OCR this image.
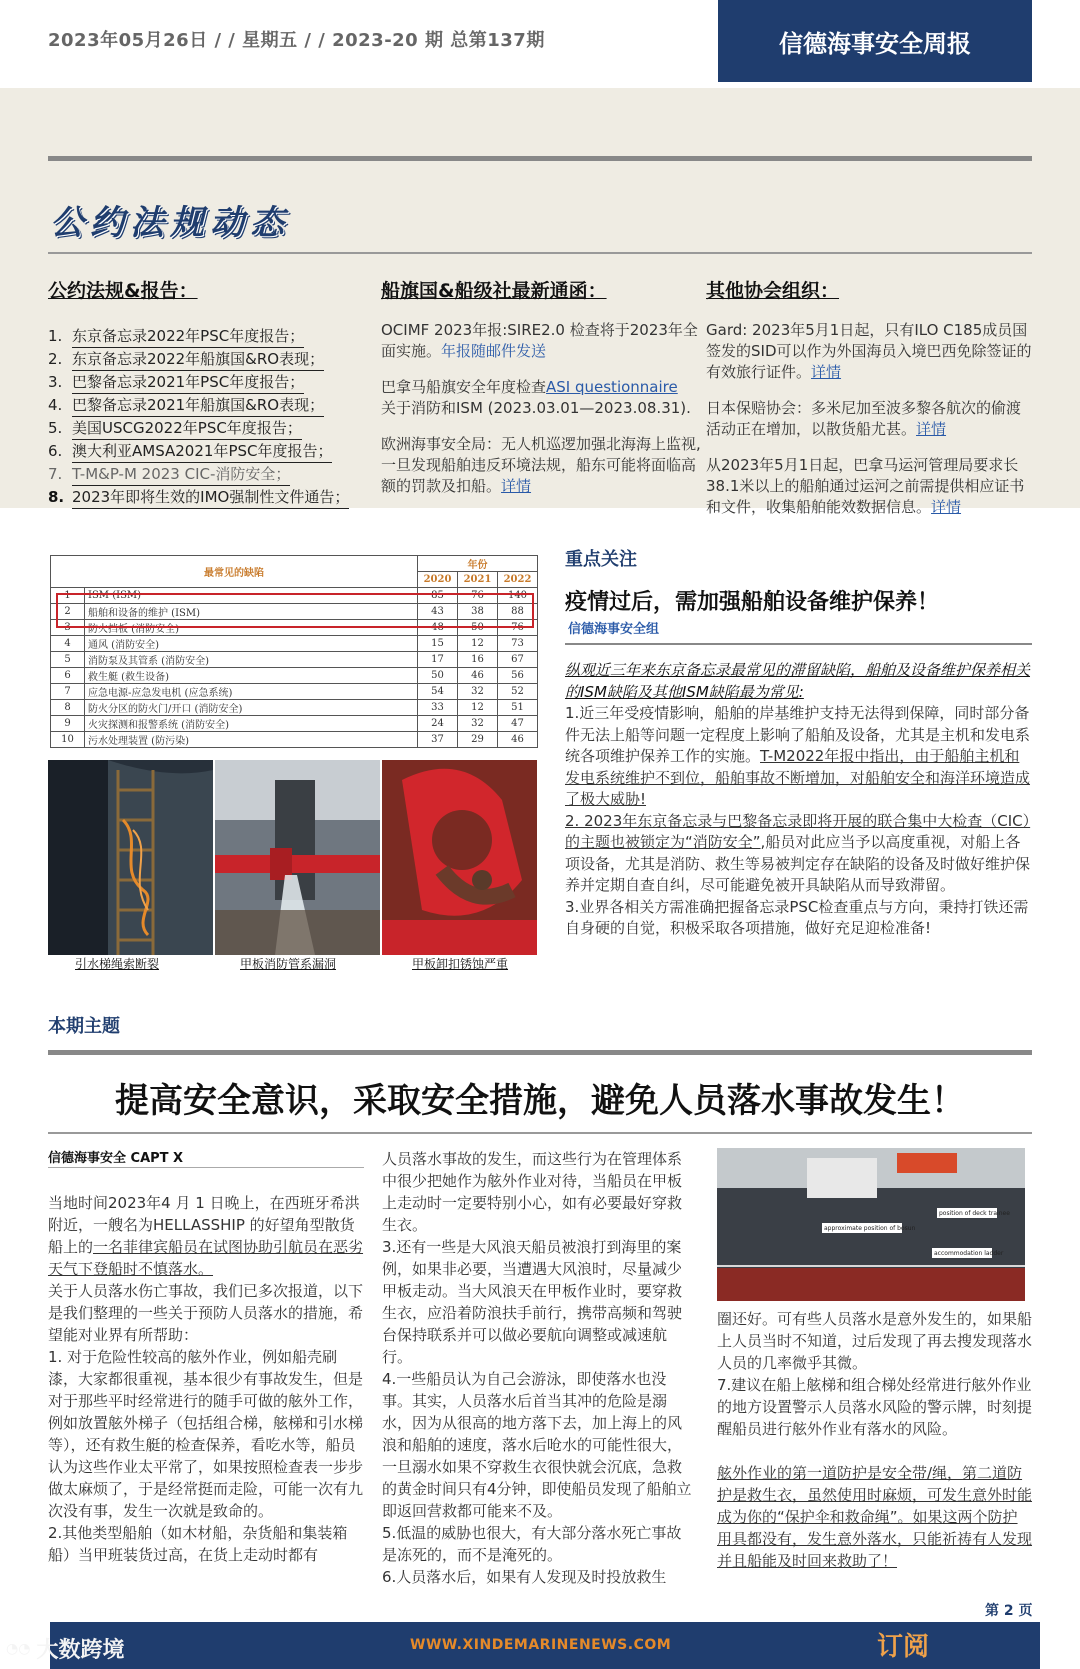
2023年05月26日 / / 星期五 / / 2023-20 期 总第137期	信德海事安全周报
公约法规动态
公约法规&报告：
1. 东京备忘录2022年PSC年度报告；
2. 东京备忘录2022年船旗国&RO表现；
3. 巴黎备忘录2021年PSC年度报告；
4. 巴黎备忘录2021年船旗国&RO表现；
5. 美国USCG2022年PSC年度报告；
6. 澳大利亚AMSA2021年PSC年度报告；
7. T-M&P-M 2023 CIC-消防安全；
8. 2023年即将生效的IMO强制性文件通告；
船旗国&船级社最新通函：

OCIMF 2023年报:SIRE2.0 检查将于2023年全面实施。年报随邮件发送

巴拿马船旗安全年度检查ASI questionnaire
关于消防和ISM (2023.03.01—2023.08.31).

欧洲海事安全局：无人机巡逻加强北海海上监视,一旦发现船舶违反环境法规，船东可能将面临高额的罚款及扣船。详情

其他协会组织：

Gard: 2023年5月1日起，只有ILO C185成员国签发的SID可以作为外国海员入境巴西免除签证的有效旅行证件。详情

日本保赔协会：多米尼加至波多黎各航次的偷渡活动正在增加，以散货船尤甚。详情

从2023年5月1日起，巴拿马运河管理局要求长38.1米以上的船舶通过运河之前需提供相应证书和文件，收集船舶能效数据信息。详情

最常见的缺陷		年份		
		2020	2021	2022
1	ISM (ISM)	85	76	140
2	船舶和设备的维护 (ISM)	43	38	88
3	防火挡板 (消防安全)	48	50	76
4	通风 (消防安全)	15	12	73
5	消防泵及其管系 (消防安全)	17	16	67
6	救生艇 (救生设备)	50	46	56
7	应急电源-应急发电机 (应急系统)	54	32	52
8	防火分区的防火门/开口 (消防安全)	33	12	51
9	火灾探测和报警系统 (消防安全)	24	32	47
10	污水处理装置 (防污染)	37	29	46
引水梯绳索断裂	甲板消防管系漏洞	甲板卸扣锈蚀严重
重点关注
疫情过后，需加强船舶设备维护保养！
信德海事安全组

纵观近三年来东京备忘录最常见的滞留缺陷，船舶及设备维护保养相关的ISM缺陷及其他ISM缺陷最为常见:

1.近三年受疫情影响，船舶的岸基维护支持无法得到保障，同时部分备件无法上船等问题一定程度上影响了船舶及设备，尤其是主机和发电系统各项维护保养工作的实施。T-M2022年报中指出，由于船舶主机和发电系统维护不到位，船舶事故不断增加，对船舶安全和海洋环境造成了极大威胁!

2. 2023年东京备忘录与巴黎备忘录即将开展的联合集中大检查（CIC）的主题也被锁定为“消防安全”,船员对此应当予以高度重视，对船上各项设备，尤其是消防、救生等易被判定存在缺陷的设备及时做好维护保养并定期自查自纠，尽可能避免被开具缺陷从而导致滞留。

3.业界各相关方需准确把握备忘录PSC检查重点与方向，秉持打铁还需自身硬的自觉，积极采取各项措施，做好充足迎检准备!

本期主题
提高安全意识，采取安全措施，避免人员落水事故发生！
信德海事安全 CAPT X

当地时间2023年4 月 1 日晚上，在西班牙希洪附近，一艘名为HELLASSHIP 的好望角型散货船上的一名菲律宾船员在试图协助引航员在恶劣天气下登船时不慎落水。

关于人员落水伤亡事故，我们已多次报道，以下是我们整理的一些关于预防人员落水的措施，希望能对业界有所帮助：

1. 对于危险性较高的舷外作业，例如船壳刷漆，大家都很重视，基本很少有事故发生，但是对于那些平时经常进行的随手可做的舷外工作，例如放置舷外梯子（包括组合梯，舷梯和引水梯等），还有救生艇的检查保养，看吃水等，船员认为这些作业太平常了，如果按照检查表一步步做太麻烦了，于是经常挺而走险，可能一次有九次没有事，发生一次就是致命的。

2.其他类型船舶（如木材船，杂货船和集装箱船）当甲班装货过高，在货上走动时都有

人员落水事故的发生，而这些行为在管理体系中很少把她作为舷外作业对待，当船员在甲板上走动时一定要特别小心，如有必要最好穿救生衣。

3.还有一些是大风浪天船员被浪打到海里的案例，如果非必要，当遭遇大风浪时，尽量减少甲板走动。当大风浪天在甲板作业时，要穿救生衣，应沿着防浪扶手前行，携带高频和驾驶台保持联系并可以做必要航向调整或减速航行。

4.一些船员认为自己会游泳，即使落水也没事。其实，人员落水后首当其冲的危险是溺水，因为从很高的地方落下去，加上海上的风浪和船舶的速度，落水后呛水的可能性很大，一旦溺水如果不穿救生衣很快就会沉底，急救的黄金时间只有4分钟，即使船员发现了船舶立即返回营救都可能来不及。

5.低温的威胁也很大，有大部分落水死亡事故是冻死的，而不是淹死的。

6.人员落水后，如果有人发现及时投放救生

position of deck trainee
approximate position of bosun
accommodation ladder

圈还好。可有些人员落水是意外发生的，如果船上人员当时不知道，过后发现了再去搜发现落水人员的几率微乎其微。

7.建议在船上舷梯和组合梯处经常进行舷外作业的地方设置警示人员落水风险的警示牌，时刻提醒船员进行舷外作业有落水的风险。

舷外作业的第一道防护是安全带/绳，第二道防护是救生衣，虽然使用时麻烦，可发生意外时能成为你的“保护伞和救命绳”。如果这两个防护用具都没有，发生意外落水，只能祈祷有人发现并且船能及时回来救助了！

第 2 页
WWW.XINDEMARINENEWS.COM	订阅
◔◔ 大数跨境
